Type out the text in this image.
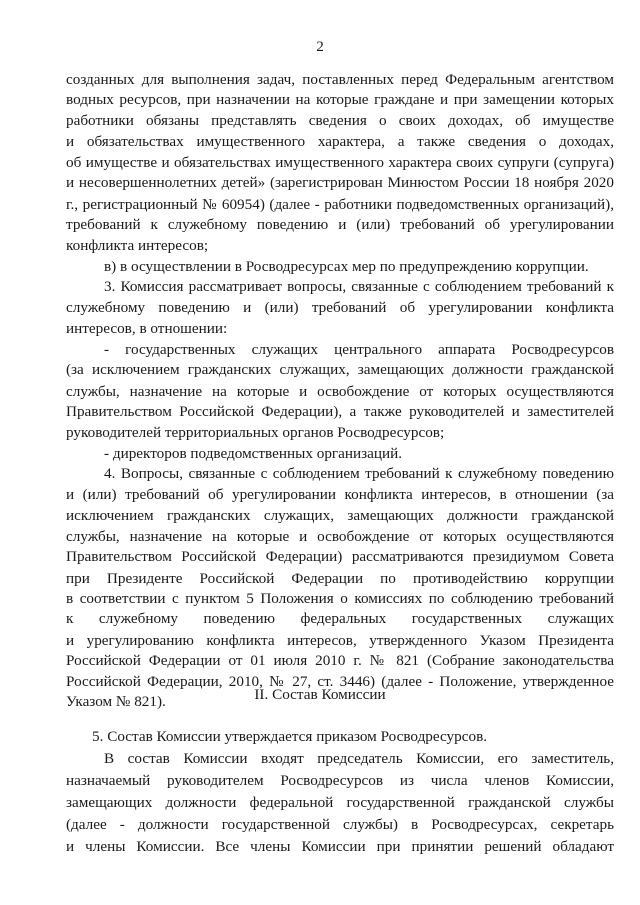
2
созданных для выполнения задач, поставленных перед Федеральным агентством
водных ресурсов, при назначении на которые граждане и при замещении которых
работники обязаны представлять сведения о своих доходах, об имуществе
и обязательствах имущественного характера, а также сведения о доходах,
об имуществе и обязательствах имущественного характера своих супруги (супруга)
и несовершеннолетних детей» (зарегистрирован Минюстом России 18 ноября 2020
г., регистрационный № 60954) (далее - работники подведомственных организаций),
требований к служебному поведению и (или) требований об урегулировании
конфликта интересов;
в) в осуществлении в Росводресурсах мер по предупреждению коррупции.
3. Комиссия рассматривает вопросы, связанные с соблюдением требований к
служебному поведению и (или) требований об урегулировании конфликта
интересов, в отношении:
- государственных служащих центрального аппарата Росводресурсов
(за исключением гражданских служащих, замещающих должности гражданской
службы, назначение на которые и освобождение от которых осуществляются
Правительством Российской Федерации), а также руководителей и заместителей
руководителей территориальных органов Росводресурсов;
- директоров подведомственных организаций.
4. Вопросы, связанные с соблюдением требований к служебному поведению
и (или) требований об урегулировании конфликта интересов, в отношении (за
исключением гражданских служащих, замещающих должности гражданской
службы, назначение на которые и освобождение от которых осуществляются
Правительством Российской Федерации) рассматриваются президиумом Совета
при Президенте Российской Федерации по противодействию коррупции
в соответствии с пунктом 5 Положения о комиссиях по соблюдению требований
к служебному поведению федеральных государственных служащих
и урегулированию конфликта интересов, утвержденного Указом Президента
Российской Федерации от 01 июля 2010 г. № 821 (Собрание законодательства
Российской Федерации, 2010, № 27, ст. 3446) (далее - Положение, утвержденное
Указом № 821).	II. Состав Комиссии
5. Состав Комиссии утверждается приказом Росводресурсов.
В состав Комиссии входят председатель Комиссии, его заместитель,
назначаемый руководителем Росводресурсов из числа членов Комиссии,
замещающих должности федеральной государственной гражданской службы
(далее - должности государственной службы) в Росводресурсах, секретарь
и члены Комиссии. Все члены Комиссии при принятии решений обладают
